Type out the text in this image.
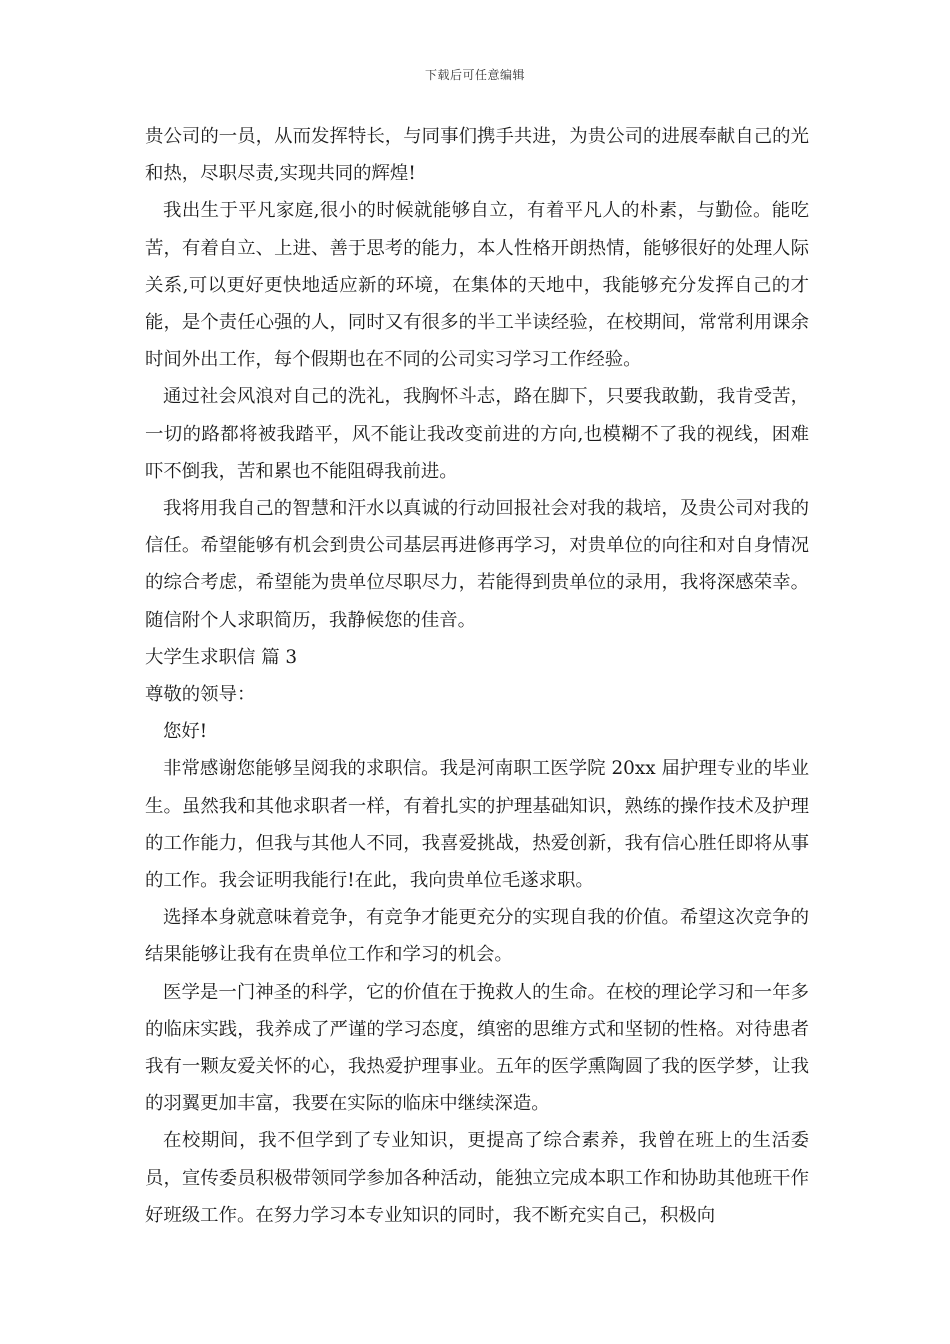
下载后可任意编辑

贵公司的一员，从而发挥特长，与同事们携手共进，为贵公司的进展奉献自己的光和热，尽职尽责,实现共同的辉煌!

我出生于平凡家庭,很小的时候就能够自立，有着平凡人的朴素，与勤俭。能吃苦，有着自立、上进、善于思考的能力，本人性格开朗热情，能够很好的处理人际关系,可以更好更快地适应新的环境，在集体的天地中，我能够充分发挥自己的才能，是个责任心强的人，同时又有很多的半工半读经验，在校期间，常常利用课余时间外出工作，每个假期也在不同的公司实习学习工作经验。

通过社会风浪对自己的洗礼，我胸怀斗志，路在脚下，只要我敢勤，我肯受苦，一切的路都将被我踏平，风不能让我改变前进的方向,也模糊不了我的视线，困难吓不倒我，苦和累也不能阻碍我前进。

我将用我自己的智慧和汗水以真诚的行动回报社会对我的栽培，及贵公司对我的信任。希望能够有机会到贵公司基层再进修再学习，对贵单位的向往和对自身情况的综合考虑，希望能为贵单位尽职尽力，若能得到贵单位的录用，我将深感荣幸。随信附个人求职简历，我静候您的佳音。

大学生求职信 篇 3

尊敬的领导：

您好!

非常感谢您能够呈阅我的求职信。我是河南职工医学院 20xx 届护理专业的毕业生。虽然我和其他求职者一样，有着扎实的护理基础知识，熟练的操作技术及护理的工作能力，但我与其他人不同，我喜爱挑战，热爱创新，我有信心胜任即将从事的工作。我会证明我能行!在此，我向贵单位毛遂求职。

选择本身就意味着竞争，有竞争才能更充分的实现自我的价值。希望这次竞争的结果能够让我有在贵单位工作和学习的机会。

医学是一门神圣的科学，它的价值在于挽救人的生命。在校的理论学习和一年多的临床实践，我养成了严谨的学习态度，缜密的思维方式和坚韧的性格。对待患者我有一颗友爱关怀的心，我热爱护理事业。五年的医学熏陶圆了我的医学梦，让我的羽翼更加丰富，我要在实际的临床中继续深造。

在校期间，我不但学到了专业知识，更提高了综合素养，我曾在班上的生活委员，宣传委员积极带领同学参加各种活动，能独立完成本职工作和协助其他班干作好班级工作。在努力学习本专业知识的同时，我不断充实自己，积极向
